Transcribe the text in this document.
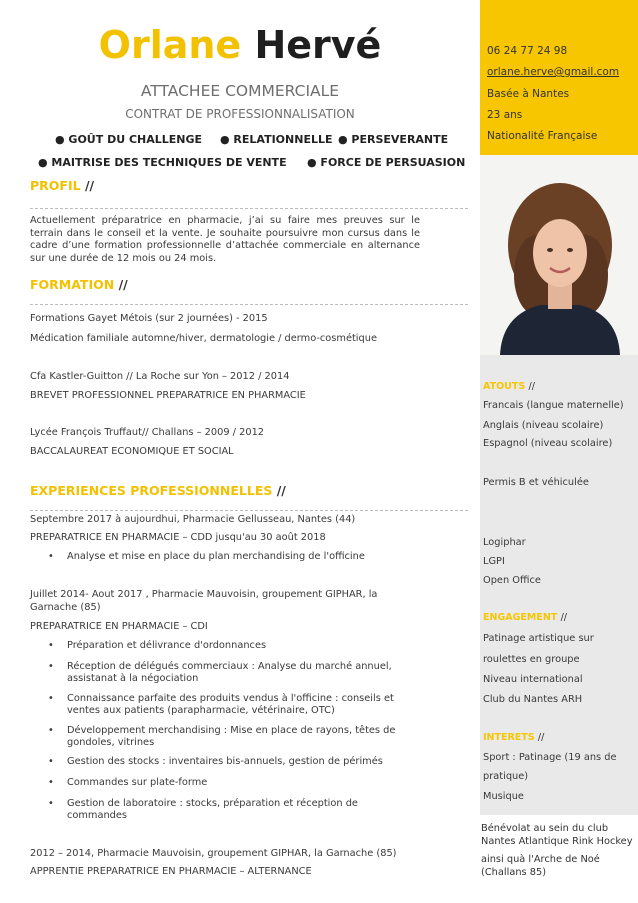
Orlane Hervé
ATTACHEE COMMERCIALE
CONTRAT DE PROFESSIONNALISATION
● GOÛT DU CHALLENGE ● RELATIONNELLE ● PERSEVERANTE
● MAITRISE DES TECHNIQUES DE VENTE ● FORCE DE PERSUASION
PROFIL //
Actuellement préparatrice en pharmacie, j’ai su faire mes preuves sur le terrain dans le conseil et la vente. Je souhaite poursuivre mon cursus dans le cadre d’une formation professionnelle d’attachée commerciale en alternance sur une durée de 12 mois ou 24 mois.
FORMATION //
Formations Gayet Métois (sur 2 journées) - 2015
Médication familiale automne/hiver, dermatologie / dermo-cosmétique
Cfa Kastler-Guitton // La Roche sur Yon – 2012 / 2014
BREVET PROFESSIONNEL PREPARATRICE EN PHARMACIE
Lycée François Truffaut// Challans – 2009 / 2012
BACCALAUREAT ECONOMIQUE ET SOCIAL
EXPERIENCES PROFESSIONNELLES //
Septembre 2017 à aujourdhui, Pharmacie Gellusseau, Nantes (44)
PREPARATRICE EN PHARMACIE – CDD jusqu'au 30 août 2018
• Analyse et mise en place du plan merchandising de l'officine
Juillet 2014- Aout 2017 , Pharmacie Mauvoisin, groupement GIPHAR, la Garnache (85)
PREPARATRICE EN PHARMACIE – CDI
• Préparation et délivrance d'ordonnances
• Réception de délégués commerciaux : Analyse du marché annuel, assistanat à la négociation
• Connaissance parfaite des produits vendus à l'officine : conseils et ventes aux patients (parapharmacie, vétérinaire, OTC)
• Développement merchandising : Mise en place de rayons, têtes de gondoles, vitrines
• Gestion des stocks : inventaires bis-annuels, gestion de périmés
• Commandes sur plate-forme
• Gestion de laboratoire : stocks, préparation et réception de commandes
2012 – 2014, Pharmacie Mauvoisin, groupement GIPHAR, la Garnache (85)
APPRENTIE PREPARATRICE EN PHARMACIE – ALTERNANCE
06 24 77 24 98
orlane.herve@gmail.com
Basée à Nantes
23 ans
Nationalité Française
ATOUTS //
Francais (langue maternelle)
Anglais (niveau scolaire)
Espagnol (niveau scolaire)
Permis B et véhiculée
Logiphar
LGPI
Open Office
ENGAGEMENT //
Patinage artistique sur
roulettes en groupe
Niveau international
Club du Nantes ARH
INTERETS //
Sport : Patinage (19 ans de
pratique)
Musique
Bénévolat au sein du club Nantes Atlantique Rink Hockey
ainsi quà l'Arche de Noé (Challans 85)
